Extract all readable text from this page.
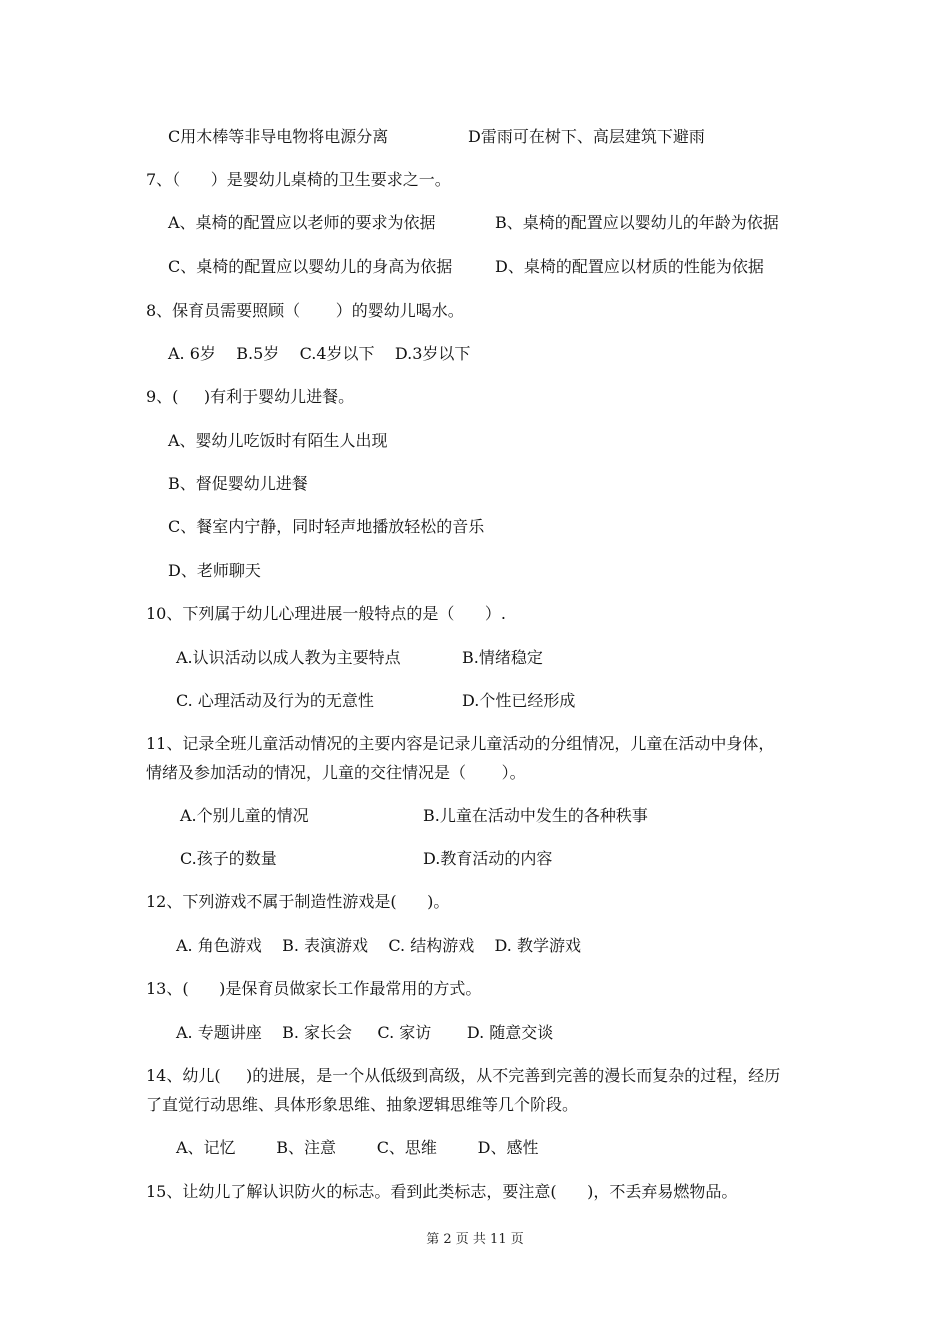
C用木棒等非导电物将电源分离	D雷雨可在树下、高层建筑下避雨
7、（      ）是婴幼儿桌椅的卫生要求之一。
A、桌椅的配置应以老师的要求为依据	B、桌椅的配置应以婴幼儿的年龄为依据
C、桌椅的配置应以婴幼儿的身高为依据	D、桌椅的配置应以材质的性能为依据
8、保育员需要照顾（       ）的婴幼儿喝水。
A. 6岁    B.5岁    C.4岁以下    D.3岁以下
9、(     )有利于婴幼儿进餐。
A、婴幼儿吃饭时有陌生人出现
B、督促婴幼儿进餐
C、餐室内宁静，同时轻声地播放轻松的音乐
D、老师聊天
10、下列属于幼儿心理进展一般特点的是（      ）.
A.认识活动以成人教为主要特点	B.情绪稳定
C. 心理活动及行为的无意性	D.个性已经形成
11、记录全班儿童活动情况的主要内容是记录儿童活动的分组情况，儿童在活动中身体，
情绪及参加活动的情况，儿童的交往情况是（       ）。
A.个别儿童的情况	B.儿童在活动中发生的各种秩事
C.孩子的数量	D.教育活动的内容
12、下列游戏不属于制造性游戏是(      )。
A. 角色游戏    B. 表演游戏    C. 结构游戏    D. 教学游戏
13、(      )是保育员做家长工作最常用的方式。
A. 专题讲座    B. 家长会     C. 家访       D. 随意交谈
14、幼儿(     )的进展，是一个从低级到高级，从不完善到完善的漫长而复杂的过程，经历
了直觉行动思维、具体形象思维、抽象逻辑思维等几个阶段。
A、记忆        B、注意        C、思维        D、感性
15、让幼儿了解认识防火的标志。看到此类标志，要注意(      )，不丢弃易燃物品。
第 2 页 共 11 页
